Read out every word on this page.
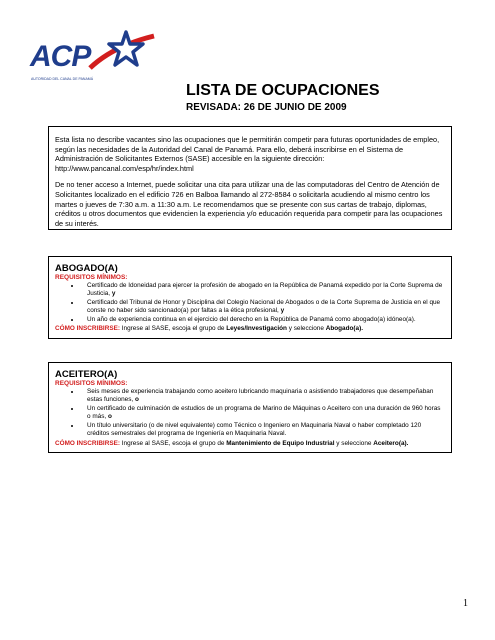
ACP
AUTORIDAD DEL CANAL DE PANAMÁ

LISTA DE OCUPACIONES

REVISADA: 26 DE JUNIO DE 2009

Esta lista no describe vacantes sino las ocupaciones que le permitirán competir para futuras oportunidades de empleo, según las necesidades de la Autoridad del Canal de Panamá. Para ello, deberá inscribirse en el Sistema de Administración de Solicitantes Externos (SASE) accesible en la siguiente dirección: http://www.pancanal.com/esp/hr/index.html

De no tener acceso a Internet, puede solicitar una cita para utilizar una de las computadoras del Centro de Atención de Solicitantes localizado en el edificio 726 en Balboa llamando al 272-8584 o solicitarla acudiendo al mismo centro los martes o jueves de 7:30 a.m. a 11:30 a.m. Le recomendamos que se presente con sus cartas de trabajo, diplomas, créditos u otros documentos que evidencien la experiencia y/o educación requerida para competir para las ocupaciones de su interés.

ABOGADO(A)

REQUISITOS MÍNIMOS:

• Certificado de Idoneidad para ejercer la profesión de abogado en la República de Panamá expedido por la Corte Suprema de Justicia, y
• Certificado del Tribunal de Honor y Disciplina del Colegio Nacional de Abogados o de la Corte Suprema de Justicia en el que conste no haber sido sancionado(a) por faltas a la ética profesional, y
• Un año de experiencia continua en el ejercicio del derecho en la República de Panamá como abogado(a) idóneo(a).

CÓMO INSCRIBIRSE: Ingrese al SASE, escoja el grupo de Leyes/Investigación y seleccione Abogado(a).

ACEITERO(A)

REQUISITOS MÍNIMOS:

• Seis meses de experiencia trabajando como aceitero lubricando maquinaria o asistiendo trabajadores que desempeñaban estas funciones, o
• Un certificado de culminación de estudios de un programa de Marino de Máquinas o Aceitero con una duración de 960 horas o más, o
• Un título universitario (o de nivel equivalente) como Técnico o Ingeniero en Maquinaria Naval o haber completado 120 créditos semestrales del programa de Ingeniería en Maquinaria Naval.

CÓMO INSCRIBIRSE: Ingrese al SASE, escoja el grupo de Mantenimiento de Equipo Industrial y seleccione Aceitero(a).

1
